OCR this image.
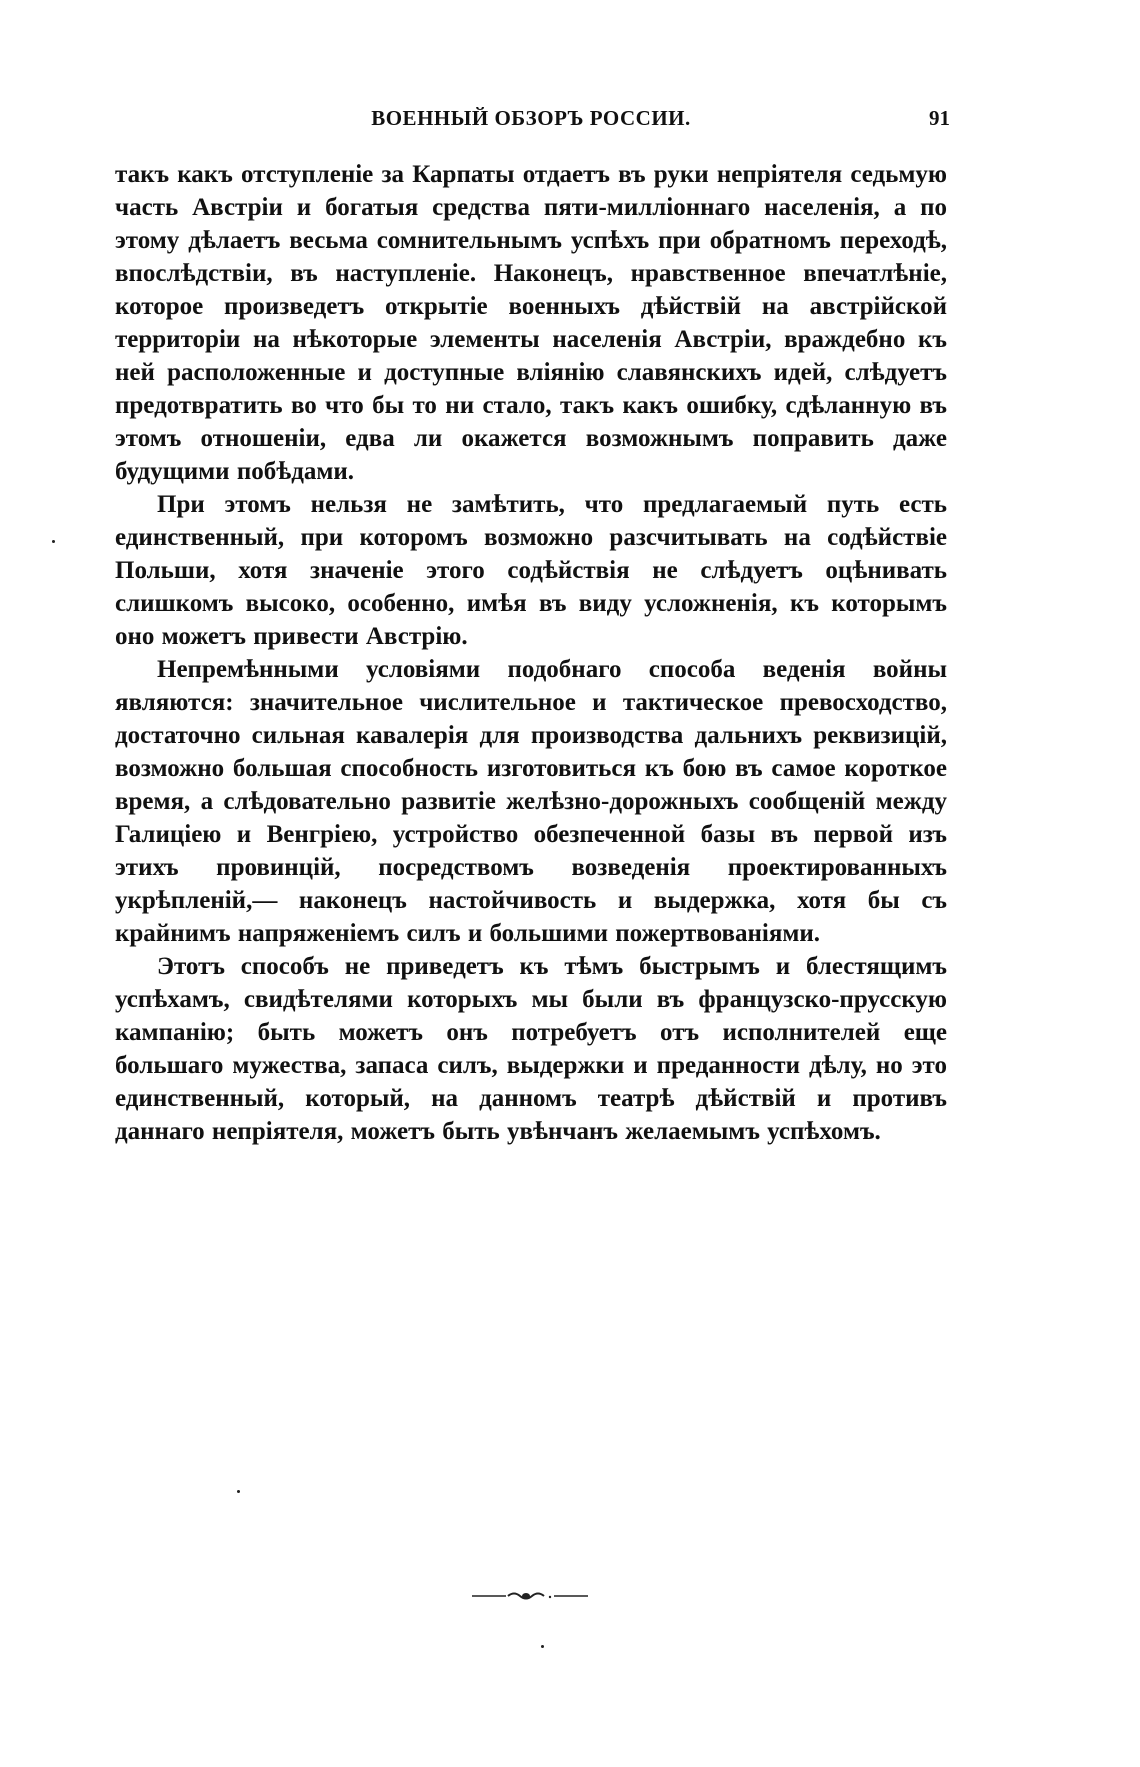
ВОЕННЫЙ ОБЗОРЪ РОССИИ.	91

такъ какъ отступленіе за Карпаты отдаетъ въ руки непріятеля седьмую часть Австріи и богатыя средства пяти-милліоннаго населенія, а по этому дѣлаетъ весьма сомнительнымъ успѣхъ при обратномъ переходѣ, впослѣдствіи, въ наступленіе. Наконецъ, нравственное впечатлѣніе, которое произведетъ открытіе военныхъ дѣйствій на австрійской территоріи на нѣкоторые элементы населенія Австріи, враждебно къ ней расположенные и доступные вліянію славянскихъ идей, слѣдуетъ предотвратить во что бы то ни стало, такъ какъ ошибку, сдѣланную въ этомъ отношеніи, едва ли окажется возможнымъ поправить даже будущими побѣдами.

При этомъ нельзя не замѣтить, что предлагаемый путь есть единственный, при которомъ возможно разсчитывать на содѣйствіе Польши, хотя значеніе этого содѣйствія не слѣдуетъ оцѣнивать слишкомъ высоко, особенно, имѣя въ виду усложненія, къ которымъ оно можетъ привести Австрію.

Непремѣнными условіями подобнаго способа веденія войны являются: значительное числительное и тактическое превосходство, достаточно сильная кавалерія для производства дальнихъ реквизицій, возможно большая способность изготовиться къ бою въ самое короткое время, а слѣдовательно развитіе желѣзно-дорожныхъ сообщеній между Галиціею и Венгріею, устройство обезпеченной базы въ первой изъ этихъ провинцій, посредствомъ возведенія проектированныхъ укрѣпленій,— наконецъ настойчивость и выдержка, хотя бы съ крайнимъ напряженіемъ силъ и большими пожертвованіями.

Этотъ способъ не приведетъ къ тѣмъ быстрымъ и блестящимъ успѣхамъ, свидѣтелями которыхъ мы были въ французско-прусскую кампанію; быть можетъ онъ потребуетъ отъ исполнителей еще большаго мужества, запаса силъ, выдержки и преданности дѣлу, но это единственный, который, на данномъ театрѣ дѣйствій и противъ даннаго непріятеля, можетъ быть увѣнчанъ желаемымъ успѣхомъ.
